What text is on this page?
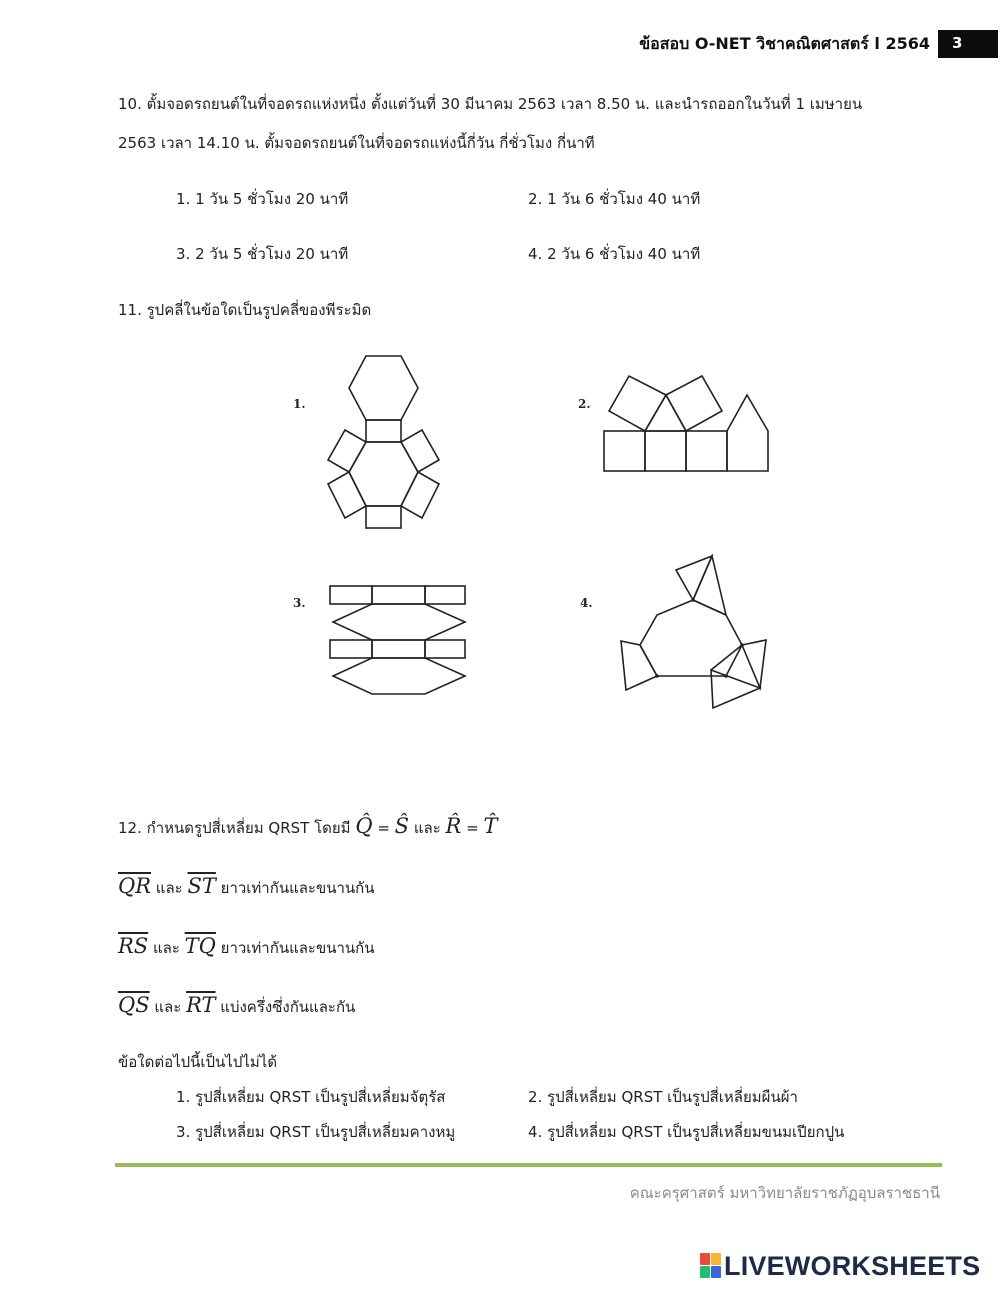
ข้อสอบ O-NET วิชาคณิตศาสตร์ l 2564	3
10. ตั้มจอดรถยนต์ในที่จอดรถแห่งหนึ่ง ตั้งแต่วันที่ 30 มีนาคม 2563 เวลา 8.50 น. และนำรถออกในวันที่ 1 เมษายน
2563 เวลา 14.10 น. ตั้มจอดรถยนต์ในที่จอดรถแห่งนี้กี่วัน กี่ชั่วโมง กี่นาที
1. 1 วัน 5 ชั่วโมง 20 นาที	2. 1 วัน 6 ชั่วโมง 40 นาที
3. 2 วัน 5 ชั่วโมง 20 นาที	4. 2 วัน 6 ชั่วโมง 40 นาที
11. รูปคลี่ในข้อใดเป็นรูปคลี่ของพีระมิด
1.	2.
3.	4.
12. กำหนดรูปสี่เหลี่ยม QRST โดยมี Q̂ = Ŝ และ R̂ = T̂
$\overline{QR}$ และ $\overline{ST}$ ยาวเท่ากันและขนานกัน
$\overline{RS}$ และ $\overline{TQ}$ ยาวเท่ากันและขนานกัน
$\overline{QS}$ และ $\overline{RT}$ แบ่งครึ่งซึ่งกันและกัน
ข้อใดต่อไปนี้เป็นไปไม่ได้
1. รูปสี่เหลี่ยม QRST เป็นรูปสี่เหลี่ยมจัตุรัส	2. รูปสี่เหลี่ยม QRST เป็นรูปสี่เหลี่ยมผืนผ้า
3. รูปสี่เหลี่ยม QRST เป็นรูปสี่เหลี่ยมคางหมู	4. รูปสี่เหลี่ยม QRST เป็นรูปสี่เหลี่ยมขนมเปียกปูน
คณะครุศาสตร์ มหาวิทยาลัยราชภัฏอุบลราชธานี
LIVEWORKSHEETS
